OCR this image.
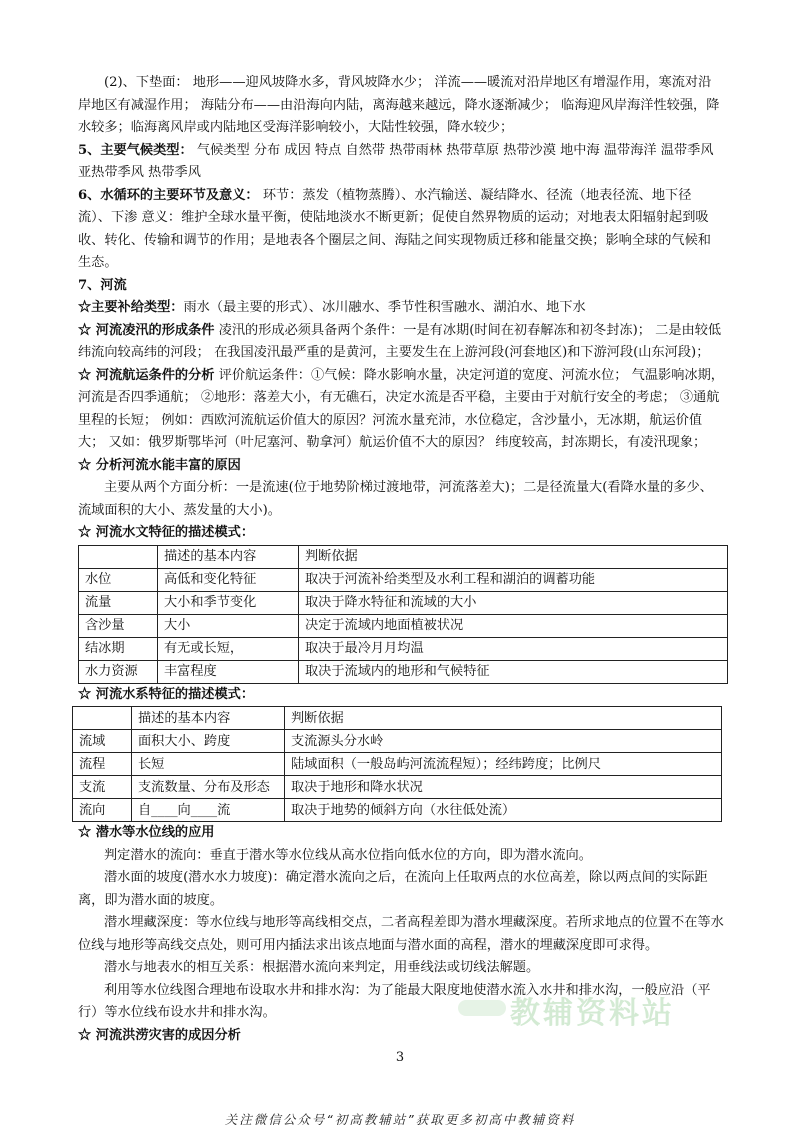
(2)、下垫面： 地形——迎风坡降水多，背风坡降水少； 洋流——暖流对沿岸地区有增湿作用，寒流对沿岸地区有减湿作用； 海陆分布——由沿海向内陆，离海越来越远，降水逐渐减少； 临海迎风岸海洋性较强，降水较多；临海离风岸或内陆地区受海洋影响较小，大陆性较强，降水较少；

5、主要气候类型： 气候类型 分布 成因 特点 自然带 热带雨林 热带草原 热带沙漠 地中海 温带海洋 温带季风 亚热带季风 热带季风

6、水循环的主要环节及意义： 环节：蒸发（植物蒸腾）、水汽输送、凝结降水、径流（地表径流、地下径流）、下渗 意义：维护全球水量平衡，使陆地淡水不断更新；促使自然界物质的运动；对地表太阳辐射起到吸收、转化、传输和调节的作用；是地表各个圈层之间、海陆之间实现物质迁移和能量交换；影响全球的气候和生态。

7、河流

☆主要补给类型：雨水（最主要的形式）、冰川融水、季节性积雪融水、湖泊水、地下水

☆ 河流凌汛的形成条件 凌汛的形成必须具备两个条件：一是有冰期(时间在初春解冻和初冬封冻)； 二是由较低纬流向较高纬的河段； 在我国凌汛最严重的是黄河，主要发生在上游河段(河套地区)和下游河段(山东河段)；

☆ 河流航运条件的分析 评价航运条件：①气候：降水影响水量，决定河道的宽度、河流水位； 气温影响冰期，河流是否四季通航； ②地形：落差大小，有无礁石，决定水流是否平稳，主要由于对航行安全的考虑； ③通航里程的长短； 例如：西欧河流航运价值大的原因？河流水量充沛，水位稳定，含沙量小，无冰期，航运价值大； 又如：俄罗斯鄂毕河（叶尼塞河、勒拿河）航运价值不大的原因？ 纬度较高，封冻期长，有凌汛现象；

☆ 分析河流水能丰富的原因

主要从两个方面分析：一是流速(位于地势阶梯过渡地带，河流落差大)；二是径流量大(看降水量的多少、流域面积的大小、蒸发量的大小)。

☆ 河流水文特征的描述模式：

	描述的基本内容	判断依据
水位	高低和变化特征	取决于河流补给类型及水利工程和湖泊的调蓄功能
流量	大小和季节变化	取决于降水特征和流域的大小
含沙量	大小	决定于流域内地面植被状况
结冰期	有无或长短，	取决于最冷月月均温
水力资源	丰富程度	取决于流域内的地形和气候特征

☆ 河流水系特征的描述模式：

	描述的基本内容	判断依据
流域	面积大小、跨度	支流源头分水岭
流程	长短	陆域面积（一般岛屿河流流程短）；经纬跨度；比例尺
支流	支流数量、分布及形态	取决于地形和降水状况
流向	自____向____流	取决于地势的倾斜方向（水往低处流）

☆ 潜水等水位线的应用

判定潜水的流向：垂直于潜水等水位线从高水位指向低水位的方向，即为潜水流向。

潜水面的坡度(潜水水力坡度)：确定潜水流向之后，在流向上任取两点的水位高差，除以两点间的实际距离，即为潜水面的坡度。

潜水埋藏深度：等水位线与地形等高线相交点，二者高程差即为潜水埋藏深度。若所求地点的位置不在等水位线与地形等高线交点处，则可用内插法求出该点地面与潜水面的高程，潜水的埋藏深度即可求得。

潜水与地表水的相互关系：根据潜水流向来判定，用垂线法或切线法解题。

利用等水位线图合理地布设取水井和排水沟：为了能最大限度地使潜水流入水井和排水沟，一般应沿（平行）等水位线布设水井和排水沟。

☆ 河流洪涝灾害的成因分析

教辅资料站
3
关注微信公众号“初高教辅站”获取更多初高中教辅资料
